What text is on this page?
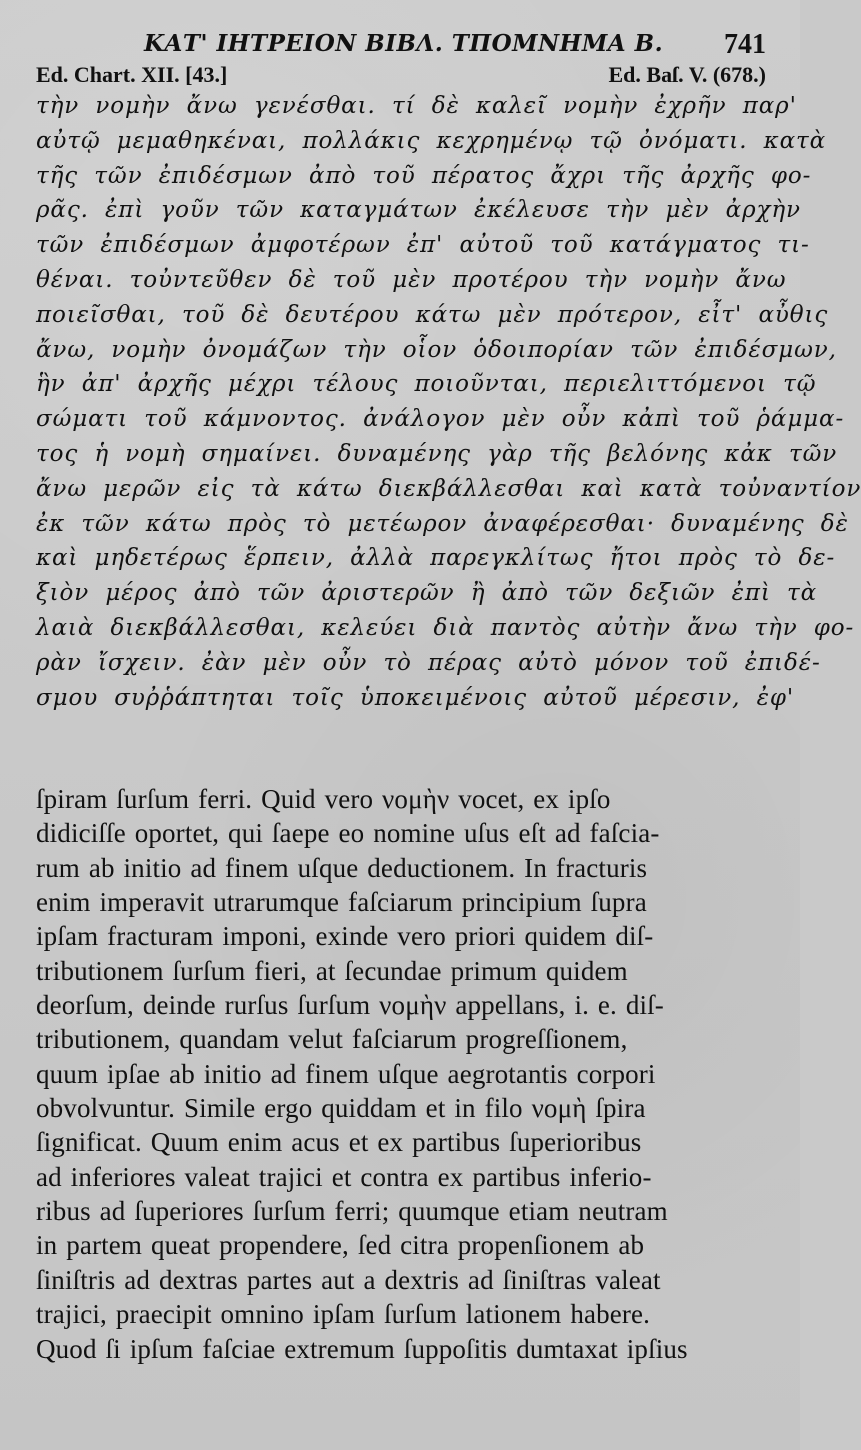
ΚΑΤ' ΙΗΤΡΕΙΟΝ ΒΙΒΛ. ΤΠΟΜΝΗΜΑ Β. 741
Ed. Chart. XII. [43.]	Ed. Baſ. V. (678.)
τὴν νομὴν ἄνω γενέσθαι. τί δὲ καλεῖ νομὴν ἐχρῆν παρ'
αὐτῷ μεμαθηκέναι, πολλάκις κεχρημένῳ τῷ ὀνόματι. κατὰ
τῆς τῶν ἐπιδέσμων ἀπὸ τοῦ πέρατος ἄχρι τῆς ἀρχῆς φο-
ρᾶς. ἐπὶ γοῦν τῶν καταγμάτων ἐκέλευσε τὴν μὲν ἀρχὴν
τῶν ἐπιδέσμων ἀμφοτέρων ἐπ' αὐτοῦ τοῦ κατάγματος τι-
θέναι. τοὐντεῦθεν δὲ τοῦ μὲν προτέρου τὴν νομὴν ἄνω
ποιεῖσθαι, τοῦ δὲ δευτέρου κάτω μὲν πρότερον, εἶτ' αὖθις
ἄνω, νομὴν ὀνομάζων τὴν οἷον ὁδοιπορίαν τῶν ἐπιδέσμων,
ἣν ἀπ' ἀρχῆς μέχρι τέλους ποιοῦνται, περιελιττόμενοι τῷ
σώματι τοῦ κάμνοντος. ἀνάλογον μὲν οὖν κἀπὶ τοῦ ῥάμμα-
τος ἡ νομὴ σημαίνει. δυναμένης γὰρ τῆς βελόνης κἀκ τῶν
ἄνω μερῶν εἰς τὰ κάτω διεκβάλλεσθαι καὶ κατὰ τοὐναντίον
ἐκ τῶν κάτω πρὸς τὸ μετέωρον ἀναφέρεσθαι· δυναμένης δὲ
καὶ μηδετέρως ἕρπειν, ἀλλὰ παρεγκλίτως ἤτοι πρὸς τὸ δε-
ξιὸν μέρος ἀπὸ τῶν ἀριστερῶν ἢ ἀπὸ τῶν δεξιῶν ἐπὶ τὰ
λαιὰ διεκβάλλεσθαι, κελεύει διὰ παντὸς αὐτὴν ἄνω τὴν φο-
ρὰν ἴσχειν. ἐὰν μὲν οὖν τὸ πέρας αὐτὸ μόνον τοῦ ἐπιδέ-
σμου συῤῥάπτηται τοῖς ὑποκειμένοις αὐτοῦ μέρεσιν, ἐφ'
ſpiram ſurſum ferri. Quid vero νομὴν vocet, ex ipſo
didiciſſe oportet, qui ſaepe eo nomine uſus eſt ad faſcia-
rum ab initio ad finem uſque deductionem. In fracturis
enim imperavit utrarumque faſciarum principium ſupra
ipſam fracturam imponi, exinde vero priori quidem diſ-
tributionem ſurſum fieri, at ſecundae primum quidem
deorſum, deinde rurſus ſurſum νομὴν appellans, i. e. diſ-
tributionem, quandam velut faſciarum progreſſionem,
quum ipſae ab initio ad finem uſque aegrotantis corpori
obvolvuntur. Simile ergo quiddam et in filo νομὴ ſpira
ſignificat. Quum enim acus et ex partibus ſuperioribus
ad inferiores valeat trajici et contra ex partibus inferio-
ribus ad ſuperiores ſurſum ferri; quumque etiam neutram
in partem queat propendere, ſed citra propenſionem ab
ſiniſtris ad dextras partes aut a dextris ad ſiniſtras valeat
trajici, praecipit omnino ipſam ſurſum lationem habere.
Quod ſi ipſum faſciae extremum ſuppoſitis dumtaxat ipſius
